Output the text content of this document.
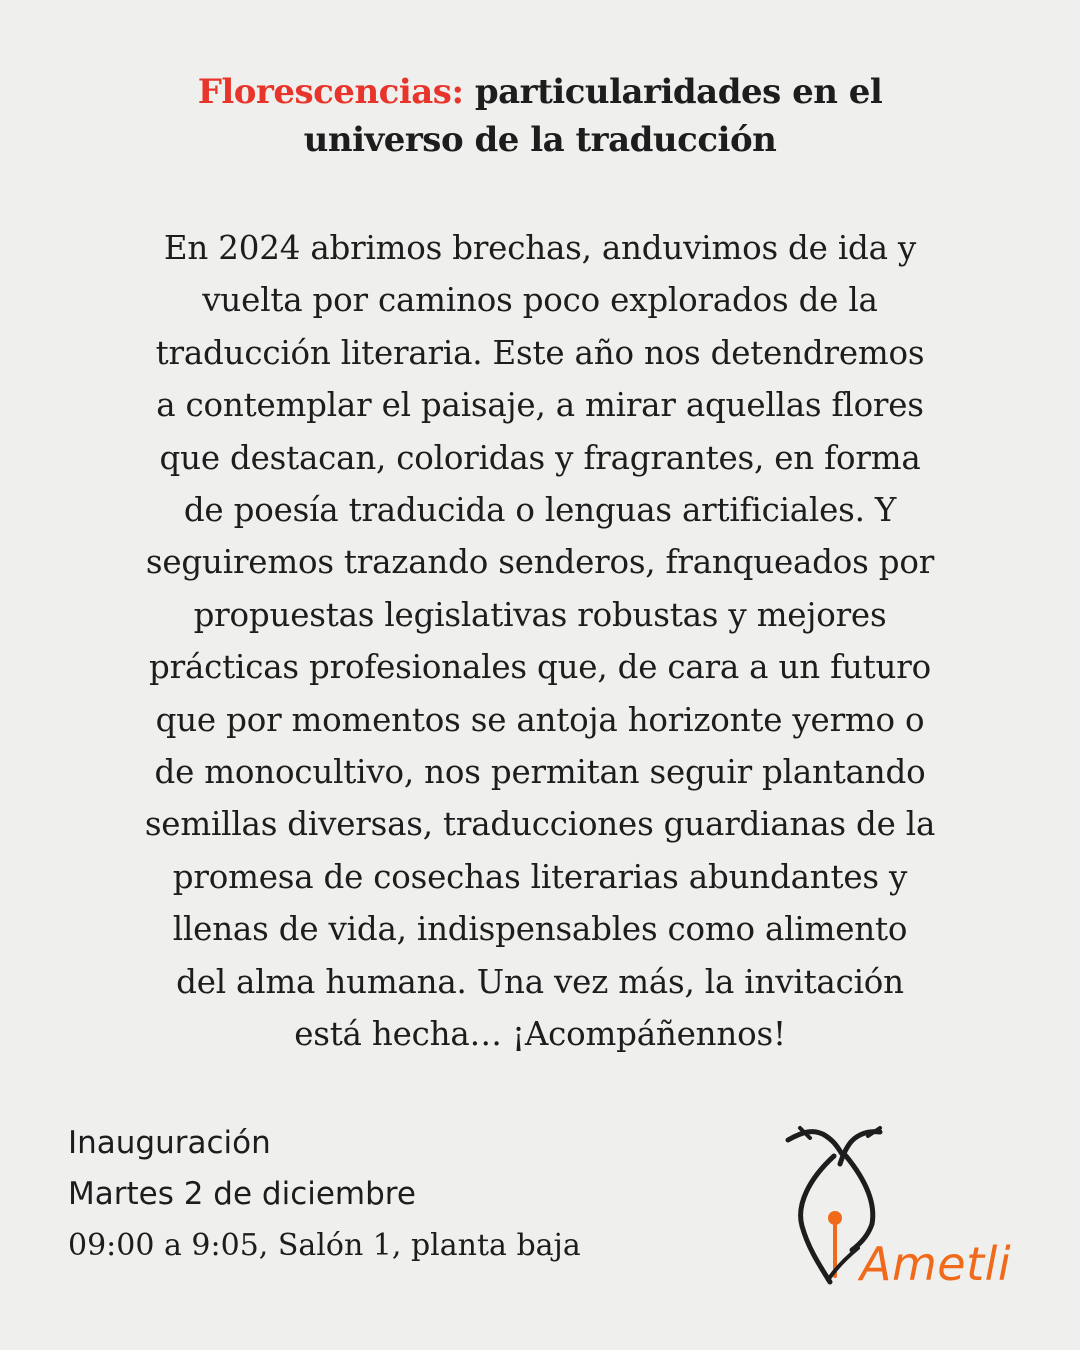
Florescencias: particularidades en el
universo de la traducción
En 2024 abrimos brechas, anduvimos de ida y
vuelta por caminos poco explorados de la
traducción literaria. Este año nos detendremos
a contemplar el paisaje, a mirar aquellas flores
que destacan, coloridas y fragrantes, en forma
de poesía traducida o lenguas artificiales. Y
seguiremos trazando senderos, franqueados por
propuestas legislativas robustas y mejores
prácticas profesionales que, de cara a un futuro
que por momentos se antoja horizonte yermo o
de monocultivo, nos permitan seguir plantando
semillas diversas, traducciones guardianas de la
promesa de cosechas literarias abundantes y
llenas de vida, indispensables como alimento
del alma humana. Una vez más, la invitación
está hecha… ¡Acompáñennos!
Inauguración
Martes 2 de diciembre
09:00 a 9:05, Salón 1, planta baja	Ametli
